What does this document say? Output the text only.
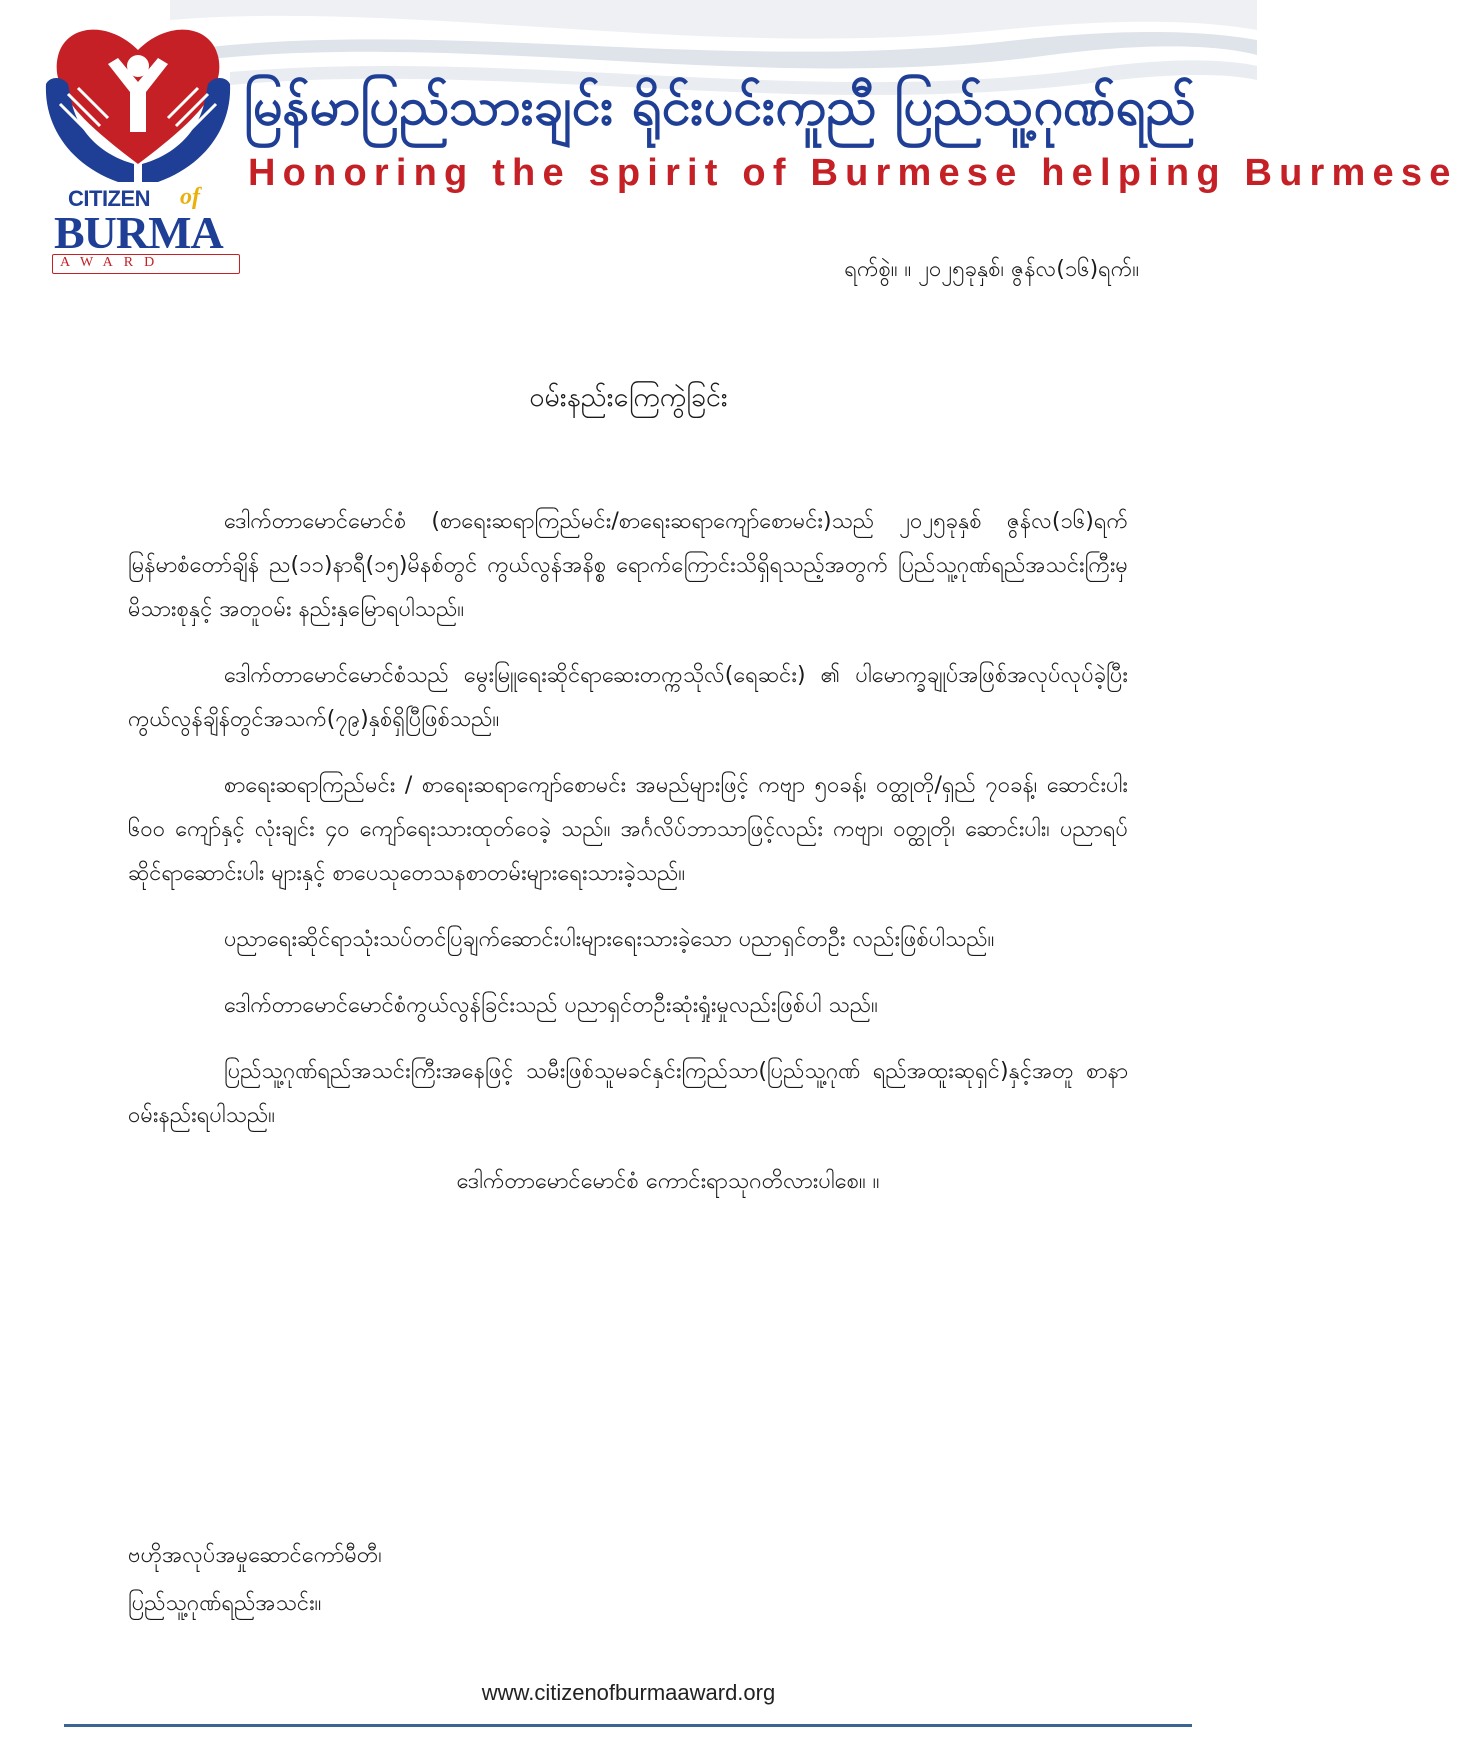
CITIZEN of
BURMA
AWARD
မြန်မာပြည်သားချင်း ရိုင်းပင်းကူညီ ပြည်သူ့ဂုဏ်ရည်
Honoring the spirit of Burmese helping Burmese
ရက်စွဲ။ ။ ၂၀၂၅ခုနှစ်၊ ဇွန်လ(၁၆)ရက်။
ဝမ်းနည်းကြေကွဲခြင်း

ဒေါက်တာမောင်မောင်စံ (စာရေးဆရာကြည်မင်း/စာရေးဆရာကျော်စောမင်း)သည် ၂၀၂၅ခုနှစ် ဇွန်လ(၁၆)ရက် မြန်မာစံတော်ချိန် ည(၁၁)နာရီ(၁၅)မိနစ်တွင် ကွယ်လွန်အနိစ္စ ရောက်ကြောင်းသိရှိရသည့်အတွက် ပြည်သူ့ဂုဏ်ရည်အသင်းကြီးမှ မိသားစုနှင့် အတူဝမ်း နည်းနှမြောရပါသည်။

ဒေါက်တာမောင်မောင်စံသည် မွေးမြူရေးဆိုင်ရာဆေးတက္ကသိုလ်(ရေဆင်း) ၏ ပါမောက္ခချုပ်အဖြစ်အလုပ်လုပ်ခဲ့ပြီး ကွယ်လွန်ချိန်တွင်အသက်(၇၉)နှစ်ရှိပြီဖြစ်သည်။

စာရေးဆရာကြည်မင်း / စာရေးဆရာကျော်စောမင်း အမည်များဖြင့် ကဗျာ ၅၀ခန့်၊ ဝတ္ထုတို/ရှည် ၇၀ခန့်၊ ဆောင်းပါး ၆၀၀ ကျော်နှင့် လုံးချင်း ၄၀ ကျော်ရေးသားထုတ်ဝေခဲ့ သည်။ အင်္ဂလိပ်ဘာသာဖြင့်လည်း ကဗျာ၊ ဝတ္ထုတို၊ ဆောင်းပါး၊ ပညာရပ်ဆိုင်ရာဆောင်းပါး များနှင့် စာပေသုတေသနစာတမ်းများရေးသားခဲ့သည်။

ပညာရေးဆိုင်ရာသုံးသပ်တင်ပြချက်ဆောင်းပါးများရေးသားခဲ့သော ပညာရှင်တဦး လည်းဖြစ်ပါသည်။

ဒေါက်တာမောင်မောင်စံကွယ်လွန်ခြင်းသည် ပညာရှင်တဦးဆုံးရှုံးမှုလည်းဖြစ်ပါ သည်။

ပြည်သူ့ဂုဏ်ရည်အသင်းကြီးအနေဖြင့် သမီးဖြစ်သူမခင်နှင်းကြည်သာ(ပြည်သူ့ဂုဏ် ရည်အထူးဆုရှင်)နှင့်အတူ စာနာဝမ်းနည်းရပါသည်။

ဒေါက်တာမောင်မောင်စံ ကောင်းရာသုဂတိလားပါစေ။ ။

ဗဟိုအလုပ်အမှုဆောင်ကော်မီတီ၊
ပြည်သူ့ဂုဏ်ရည်အသင်း။
www.citizenofburmaaward.org
